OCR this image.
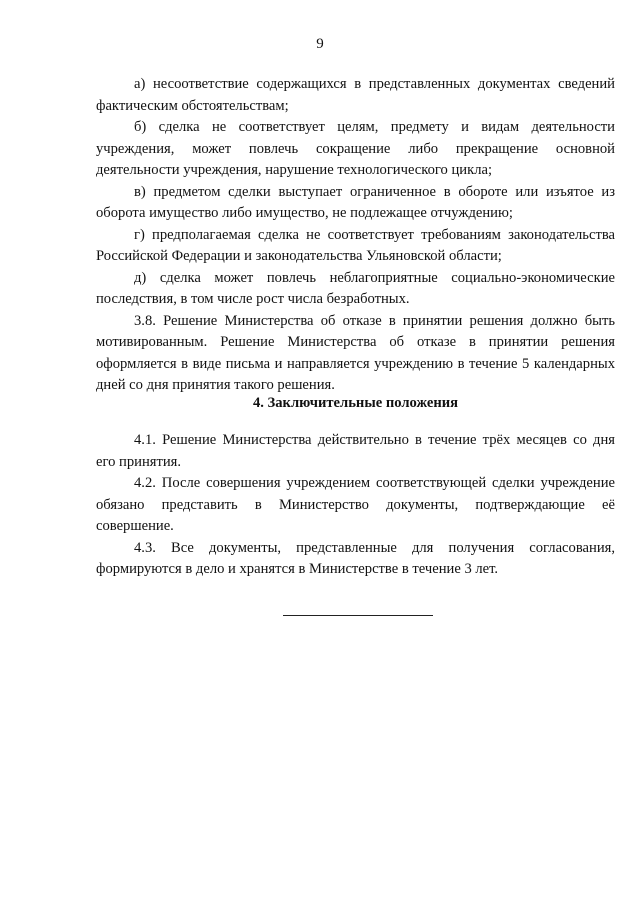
9

а) несоответствие содержащихся в представленных документах сведений фактическим обстоятельствам;

б) сделка не соответствует целям, предмету и видам деятельности учреждения, может повлечь сокращение либо прекращение основной деятельности учреждения, нарушение технологического цикла;

в) предметом сделки выступает ограниченное в обороте или изъятое из оборота имущество либо имущество, не подлежащее отчуждению;

г) предполагаемая сделка не соответствует требованиям законодательства Российской Федерации и законодательства Ульяновской области;

д) сделка может повлечь неблагоприятные социально-экономические последствия, в том числе рост числа безработных.

3.8. Решение Министерства об отказе в принятии решения должно быть мотивированным. Решение Министерства об отказе в принятии решения оформляется в виде письма и направляется учреждению в течение 5 календарных дней со дня принятия такого решения.

4. Заключительные положения

4.1. Решение Министерства действительно в течение трёх месяцев со дня его принятия.

4.2. После совершения учреждением соответствующей сделки учреждение обязано представить в Министерство документы, подтверждающие её совершение.

4.3. Все документы, представленные для получения согласования, формируются в дело и хранятся в Министерстве в течение 3 лет.
